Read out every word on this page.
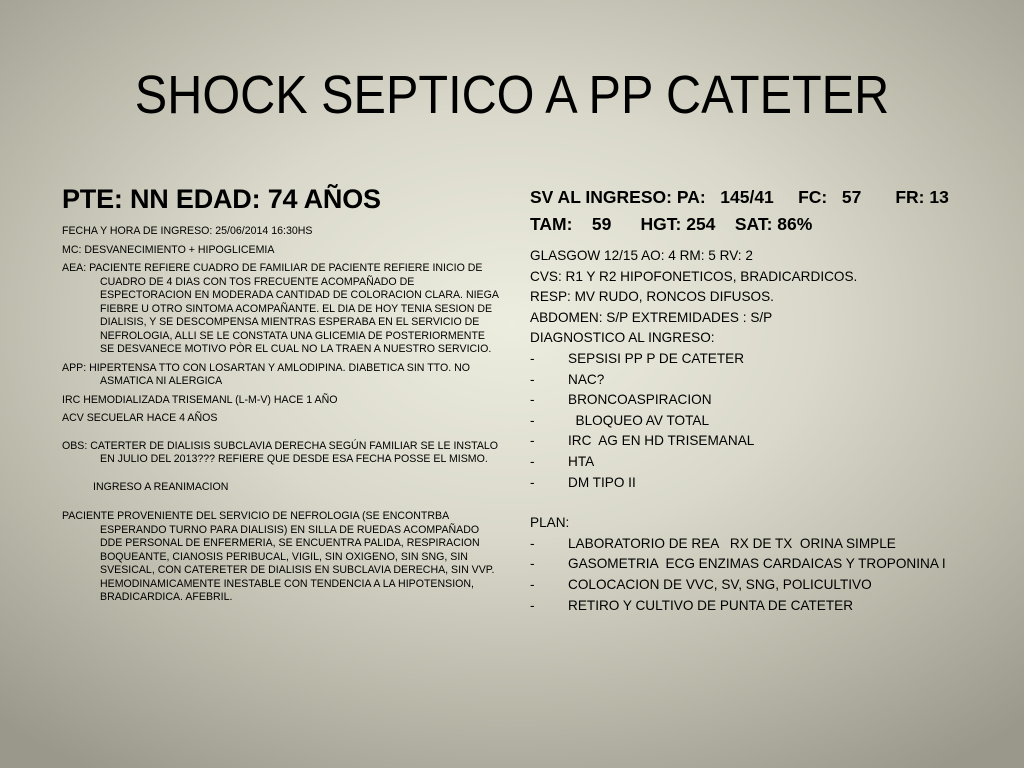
SHOCK SEPTICO A PP CATETER
PTE: NN EDAD: 74 AÑOS

FECHA Y HORA DE INGRESO: 25/06/2014 16:30HS

MC: DESVANECIMIENTO + HIPOGLICEMIA

AEA: PACIENTE REFIERE CUADRO DE FAMILIAR DE PACIENTE REFIERE INICIO DE CUADRO DE 4 DIAS CON TOS FRECUENTE ACOMPAÑADO DE ESPECTORACION EN MODERADA CANTIDAD DE COLORACION CLARA. NIEGA FIEBRE U OTRO SINTOMA ACOMPAÑANTE. EL DIA DE HOY TENIA SESION DE DIALISIS, Y SE DESCOMPENSA MIENTRAS ESPERABA EN EL SERVICIO DE NEFROLOGIA, ALLI SE LE CONSTATA UNA GLICEMIA DE POSTERIORMENTE SE DESVANECE MOTIVO PÒR EL CUAL NO LA TRAEN A NUESTRO SERVICIO.

APP: HIPERTENSA TTO CON LOSARTAN Y AMLODIPINA. DIABETICA SIN TTO. NO ASMATICA NI ALERGICA

IRC HEMODIALIZADA TRISEMANL (L-M-V) HACE 1 AÑO

ACV SECUELAR HACE 4 AÑOS

OBS: CATERTER DE DIALISIS SUBCLAVIA DERECHA SEGÚN FAMILIAR SE LE INSTALO EN JULIO DEL 2013??? REFIERE QUE DESDE ESA FECHA POSSE EL MISMO.

INGRESO A REANIMACION

PACIENTE PROVENIENTE DEL SERVICIO DE NEFROLOGIA (SE ENCONTRBA ESPERANDO TURNO PARA DIALISIS) EN SILLA DE RUEDAS ACOMPAÑADO DDE PERSONAL DE ENFERMERIA, SE ENCUENTRA PALIDA, RESPIRACION BOQUEANTE, CIANOSIS PERIBUCAL, VIGIL, SIN OXIGENO, SIN SNG, SIN SVESICAL, CON CATERETER DE DIALISIS EN SUBCLAVIA DERECHA, SIN VVP. HEMODINAMICAMENTE INESTABLE CON TENDENCIA A LA HIPOTENSION, BRADICARDICA. AFEBRIL.

SV AL INGRESO: PA:   145/41     FC:   57       FR: 13       TAM:    59      HGT: 254    SAT: 86%

GLASGOW 12/15 AO: 4 RM: 5 RV: 2

CVS: R1 Y R2 HIPOFONETICOS, BRADICARDICOS.

RESP: MV RUDO, RONCOS DIFUSOS.

ABDOMEN: S/P EXTREMIDADES : S/P

DIAGNOSTICO AL INGRESO:

-	SEPSISI PP P DE CATETER
-	NAC?
-	BRONCOASPIRACION
-	BLOQUEO AV TOTAL
-	IRC  AG EN HD TRISEMANAL
-	HTA
-	DM TIPO II

PLAN:

-	LABORATORIO DE REA   RX DE TX  ORINA SIMPLE
-	GASOMETRIA  ECG ENZIMAS CARDAICAS Y TROPONINA I
-	COLOCACION DE VVC, SV, SNG, POLICULTIVO
-	RETIRO Y CULTIVO DE PUNTA DE CATETER
